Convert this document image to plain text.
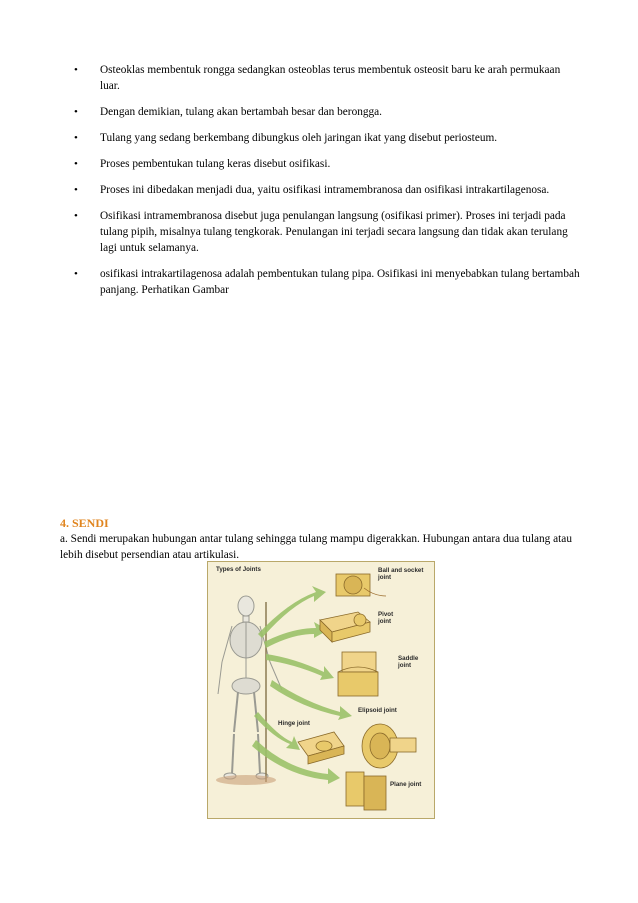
• Osteoklas membentuk rongga sedangkan osteoblas terus membentuk osteosit baru ke arah permukaan luar.
• Dengan demikian, tulang akan bertambah besar dan berongga.
• Tulang yang sedang berkembang dibungkus oleh jaringan ikat yang disebut periosteum.
• Proses pembentukan tulang keras disebut osifikasi.
• Proses ini dibedakan menjadi dua, yaitu osifikasi intramembranosa dan osifikasi intrakartilagenosa.
• Osifikasi intramembranosa disebut juga penulangan langsung (osifikasi primer). Proses ini terjadi pada tulang pipih, misalnya tulang tengkorak. Penulangan ini terjadi secara langsung dan tidak akan terulang lagi untuk selamanya.
• osifikasi intrakartilagenosa adalah pembentukan tulang pipa. Osifikasi ini menyebabkan tulang bertambah panjang. Perhatikan Gambar
4. SENDI
a. Sendi merupakan hubungan antar tulang sehingga tulang mampu digerakkan. Hubungan antara dua tulang atau lebih disebut persendian atau artikulasi.
Types of Joints	Ball and socket
joint
Pivot
joint
Saddle
joint
Elipsoid joint
Hinge joint
Plane joint
